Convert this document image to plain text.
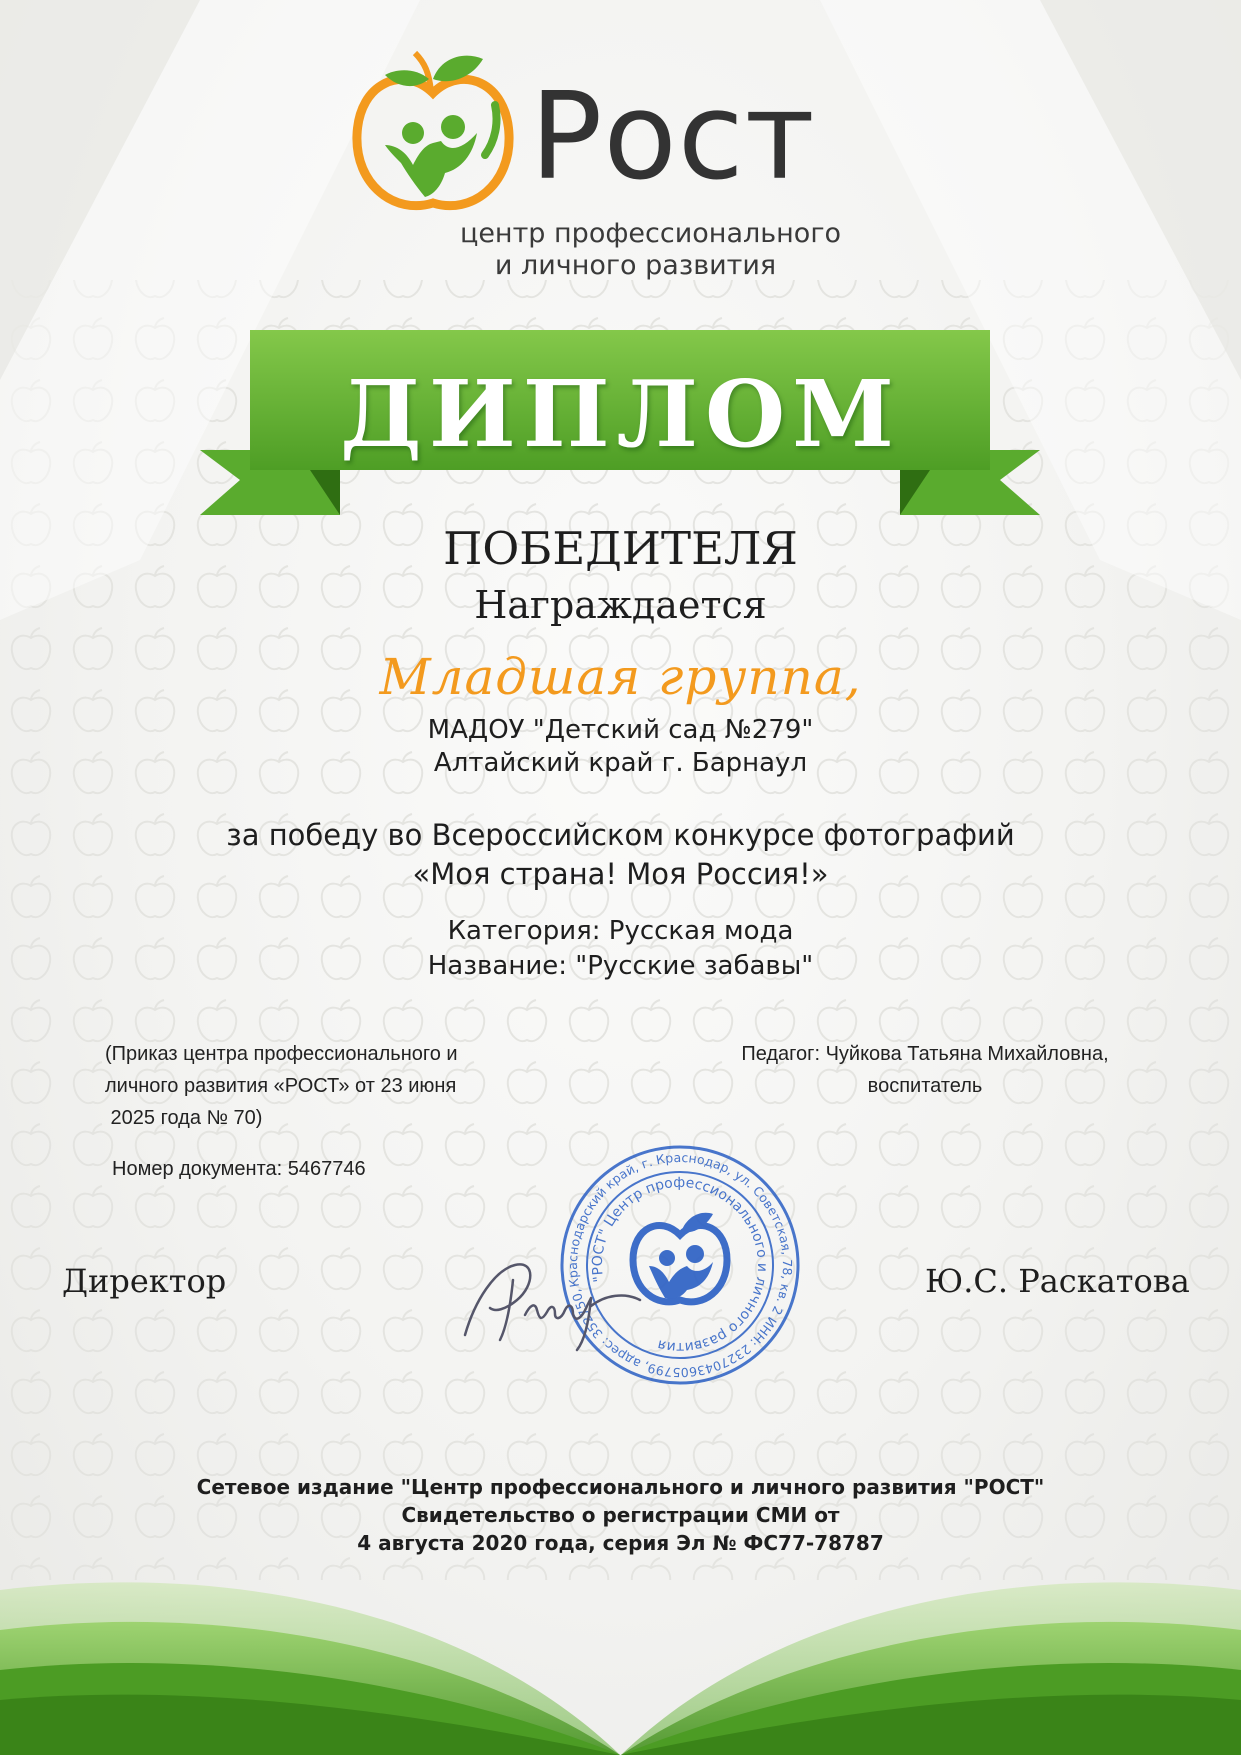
Рост
центр профессионального
и личного развития
ДИПЛОМ
ПОБЕДИТЕЛЯ
Награждается
Младшая группа,
МАДОУ "Детский сад №279"
Алтайский край г. Барнаул
за победу во Всероссийском конкурсе фотографий
«Моя страна! Моя Россия!»
Категория: Русская мода
Название: "Русские забавы"
(Приказ центра профессионального и
личного развития «РОСТ» от 23 июня
2025 года № 70)
Педагог: Чуйкова Татьяна Михайловна,
воспитатель
Номер документа: 5467746
Краснодарский край, г. Краснодар, ул. Советская, 78, кв. 2 ИНН: 2327043605799, адрес: 352750,
"РОСТ" Центр профессионального и личного развития
Директор	Ю.С. Раскатова
Сетевое издание "Центр профессионального и личного развития "РОСТ"
Свидетельство о регистрации СМИ от
4 августа 2020 года, серия Эл № ФС77-78787
